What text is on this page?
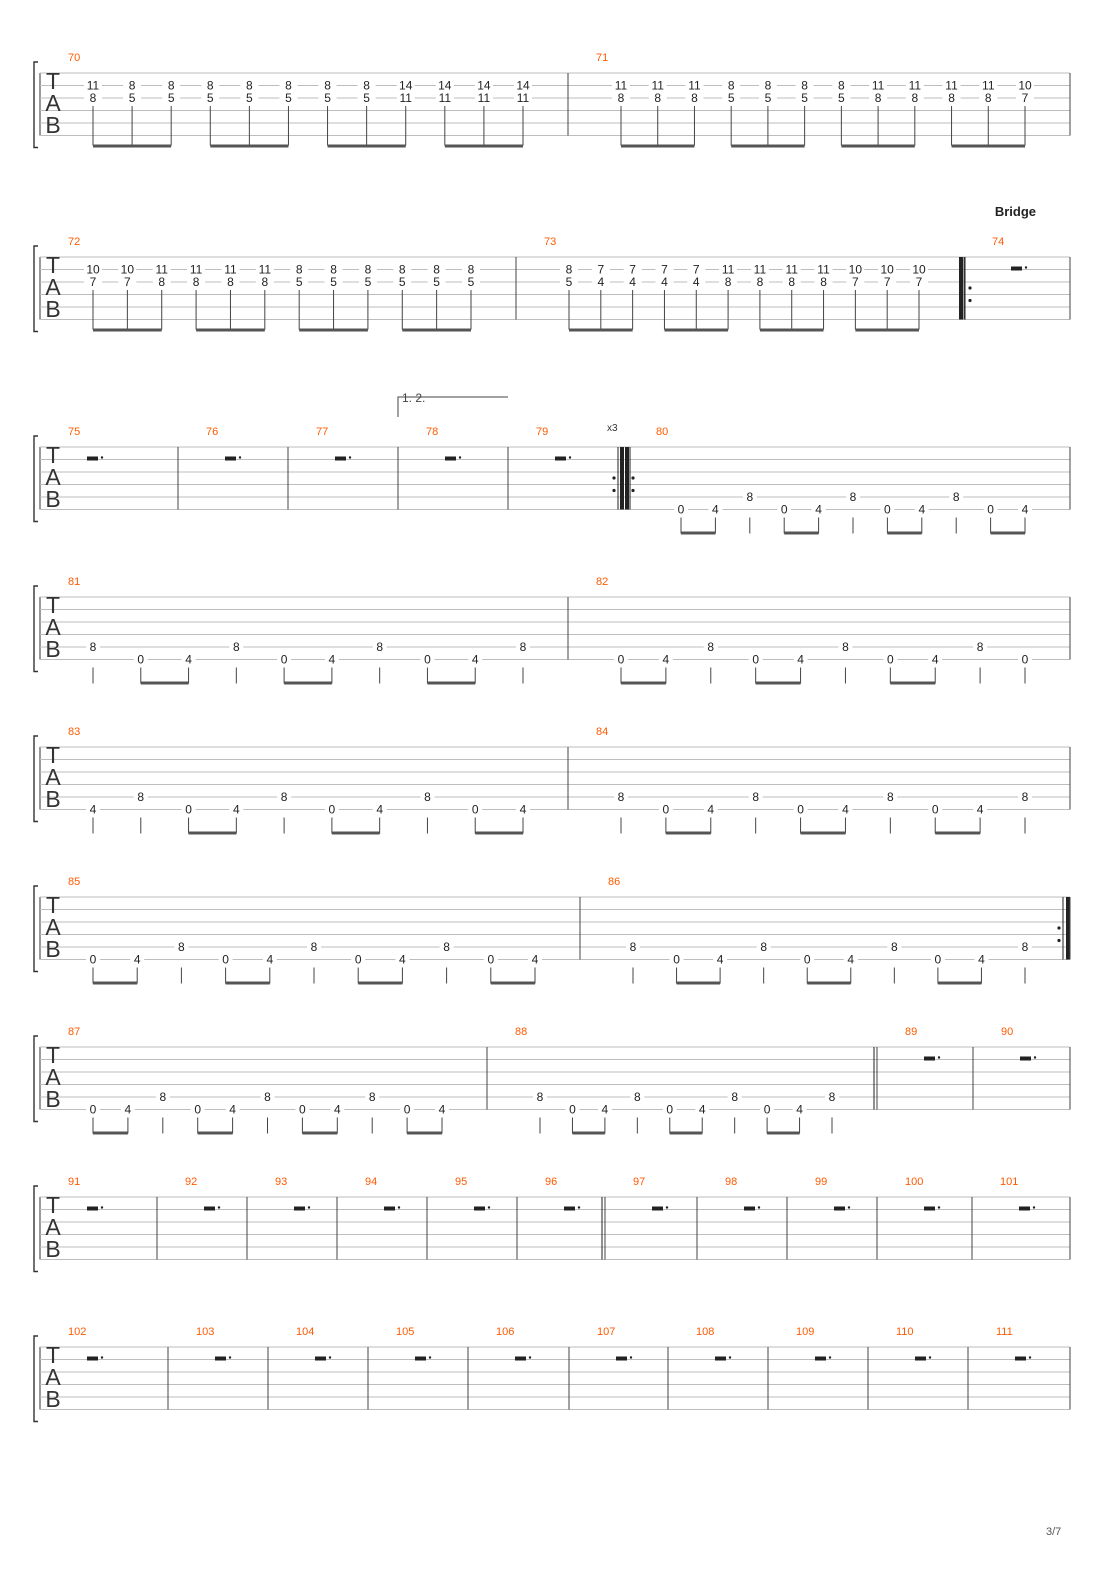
T
A
B
70
11
8
8
5
8
5
8
5
8
5
8
5
8
5
8
5
14
11
14
11
14
11
14
11
71
11
8
11
8
11
8
8
5
8
5
8
5
8
5
11
8
11
8
11
8
11
8
10
7
T
A
B
72
10
7
10
7
11
8
11
8
11
8
11
8
8
5
8
5
8
5
8
5
8
5
8
5
73
8
5
7
4
7
4
7
4
7
4
11
8
11
8
11
8
11
8
10
7
10
7
10
7
74
Bridge
T
A
B
75	76	77	78	79	80
0 4
8
0 4
8
0 4
8
0 4
1. 2.
x3
T
A
B
81
8
0	4
8
0	4
8
0	4
8
82
0	4
8
0	4
8
0	4
8
0
T
A
B
83
4
8
0	4
8
0	4
8
0	4
84
8
0	4
8
0	4
8
0	4
8
T
A
B
85
0	4
8
0	4
8
0	4
8
0	4
86
8
0	4
8
0	4
8
0	4
8
T
A
B
87
0 4
8
0 4
8
0 4
8
0 4
88
8
0 4
8
0 4
8
0 4
8
89	90
T
A
B
91	92	93	94	95	96	97	98	99	100	101
T
A
B
102	103	104	105	106	107	108	109	110	111
3/7
